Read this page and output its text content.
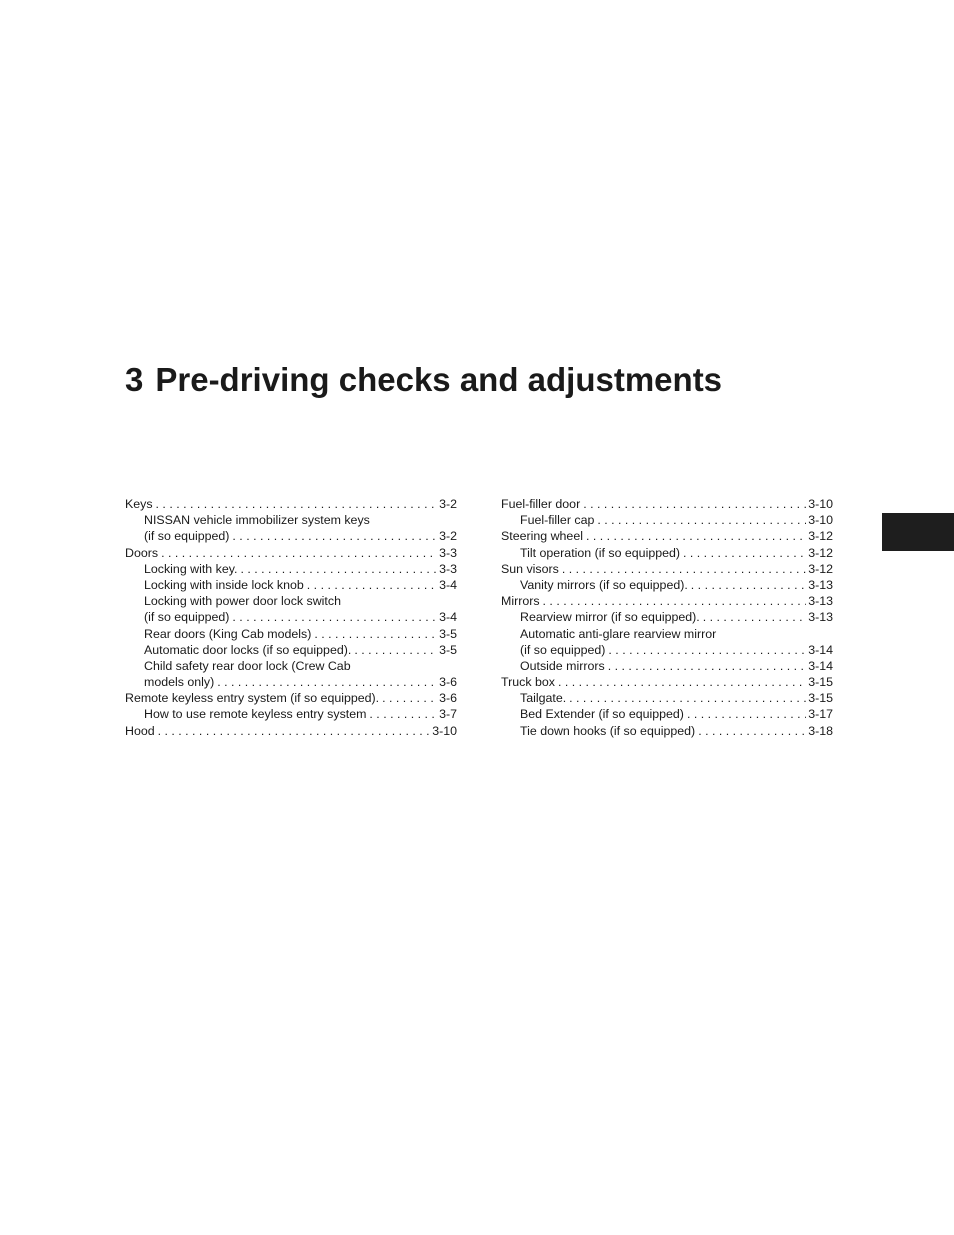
3 Pre-driving checks and adjustments
Keys . . .	3-2
NISSAN vehicle immobilizer system keys
(if so equipped) . . .	3-2
Doors . . .	3-3
Locking with key. . . .	3-3
Locking with inside lock knob . . .	3-4
Locking with power door lock switch
(if so equipped) . . .	3-4
Rear doors (King Cab models) . . .	3-5
Automatic door locks (if so equipped). . . .	3-5
Child safety rear door lock (Crew Cab
models only) . . .	3-6
Remote keyless entry system (if so equipped). . . .	3-6
How to use remote keyless entry system . . .	3-7
Hood . . .	3-10
Fuel-filler door . . .	3-10
Fuel-filler cap . . .	3-10
Steering wheel . . .	3-12
Tilt operation (if so equipped) . . .	3-12
Sun visors . . .	3-12
Vanity mirrors (if so equipped). . . .	3-13
Mirrors . . .	3-13
Rearview mirror (if so equipped). . . .	3-13
Automatic anti-glare rearview mirror
(if so equipped) . . .	3-14
Outside mirrors . . .	3-14
Truck box . . .	3-15
Tailgate. . . .	3-15
Bed Extender (if so equipped) . . .	3-17
Tie down hooks (if so equipped) . . .	3-18
